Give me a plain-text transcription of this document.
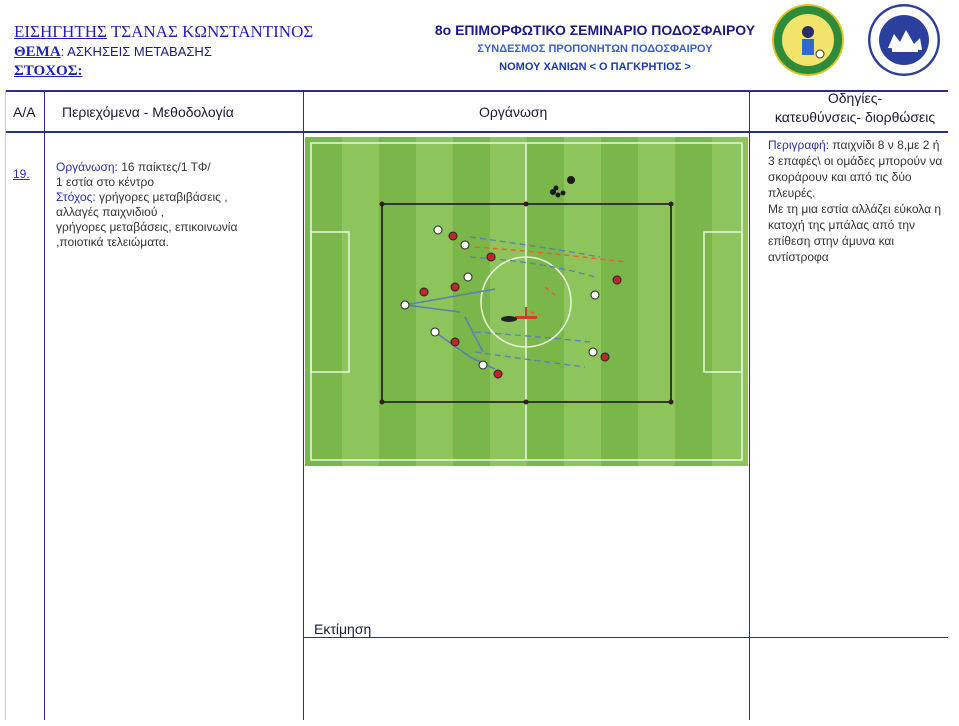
ΕΙΣΗΓΗΤΗΣ ΤΣΑΝΑΣ ΚΩΝΣΤΑΝΤΙΝΟΣ
ΘΕΜΑ: ΑΣΚΗΣΕΙΣ ΜΕΤΑΒΑΣΗΣ
ΣΤΟΧΟΣ:
8ο ΕΠΙΜΟΡΦΩΤΙΚΟ ΣΕΜΙΝΑΡΙΟ ΠΟΔΟΣΦΑΙΡΟΥ
ΣΥΝΔΕΣΜΟΣ ΠΡΟΠΟΝΗΤΩΝ ΠΟΔΟΣΦΑΙΡΟΥ
ΝΟΜΟΥ ΧΑΝΙΩΝ < Ο ΠΑΓΚΡΗΤΙΟΣ >
Α/Α Περιεχόμενα - Μεθοδολογία	Οργάνωση
Οδηγίες-
κατευθύνσεις- διορθώσεις
19. Οργάνωση: 16 παίκτες/1 ΤΦ/
1 εστία στο κέντρο
Στόχος: γρήγορες μεταβιβάσεις ,
αλλαγές παιχνιδιού ,
γρήγορες μεταβάσεις, επικοινωνία
,ποιοτικά τελειώματα.
Περιγραφή: παιχνίδι 8 ν 8,με 2 ή 3 επαφές\ οι ομάδες μπορούν να σκοράρουν και από τις δύο πλευρές.
Με τη μια εστία αλλάζει εύκολα η κατοχή της μπάλας από την επίθεση στην άμυνα και αντίστροφα
Εκτίμηση
